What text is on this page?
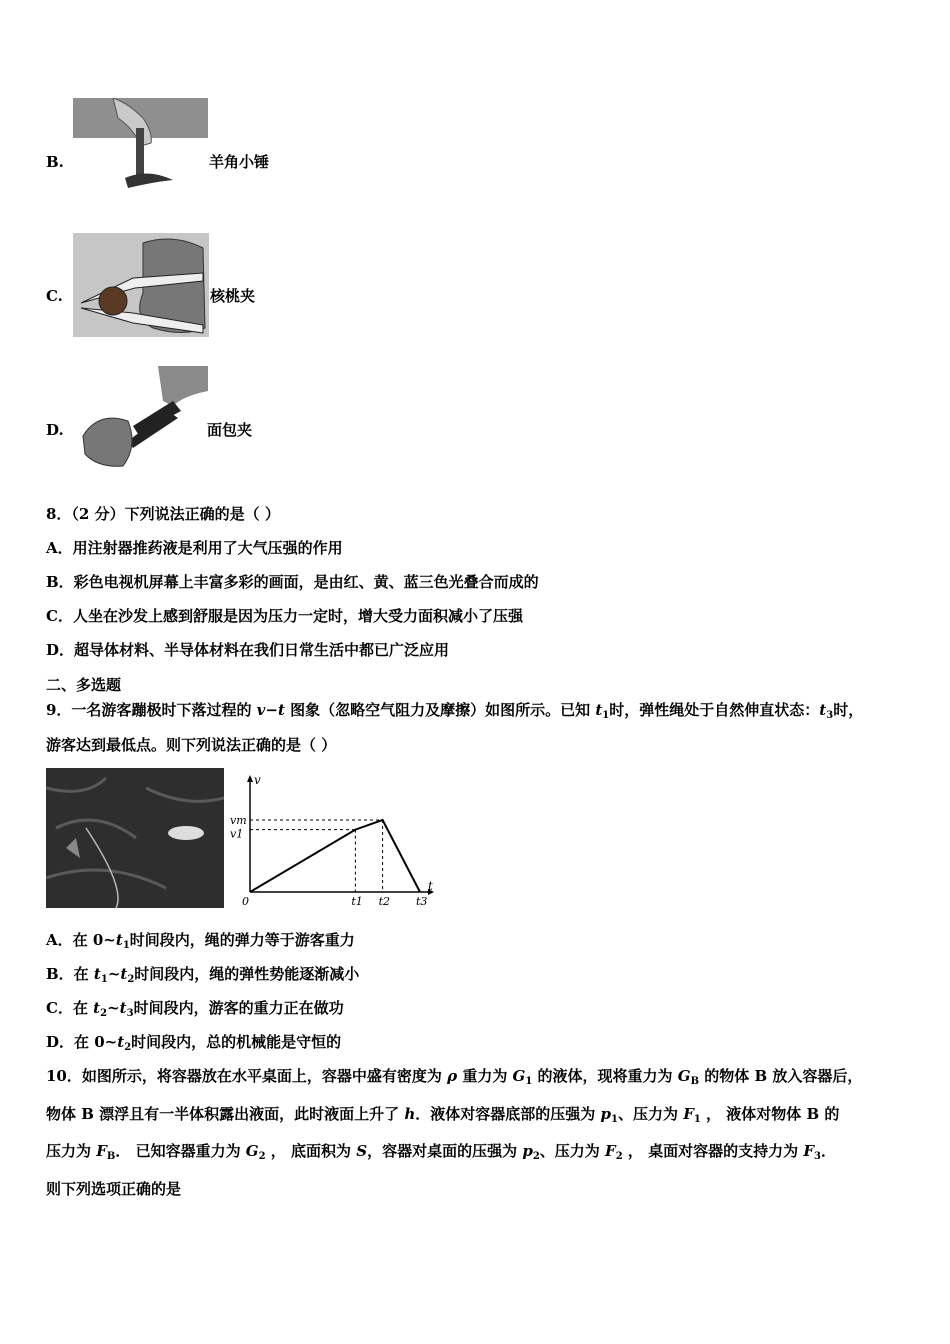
B.	羊角小锤
C.	核桃夹
D.	面包夹
8．（2 分）下列说法正确的是（ ）
A．用注射器推药液是利用了大气压强的作用
B．彩色电视机屏幕上丰富多彩的画面，是由红、黄、蓝三色光叠合而成的
C．人坐在沙发上感到舒服是因为压力一定时，增大受力面积减小了压强
D．超导体材料、半导体材料在我们日常生活中都已广泛应用
二、多选题
9．一名游客蹦极时下落过程的 v−t 图象（忽略空气阻力及摩擦）如图所示。已知 $t_1$时，弹性绳处于自然伸直状态：$t_3$时，
游客达到最低点。则下列说法正确的是（ ）
t
v
0	t1 t2 t3
vm
v1
A．在 $0\sim t_1$时间段内，绳的弹力等于游客重力
B．在 $t_1\sim t_2$时间段内，绳的弹性势能逐渐减小
C．在 $t_2\sim t_3$时间段内，游客的重力正在做功
D．在 $0\sim t_2$时间段内，总的机械能是守恒的
10．如图所示，将容器放在水平桌面上，容器中盛有密度为 ρ 重力为 $G_1$ 的液体，现将重力为 $G_B$ 的物体 B 放入容器后，
物体 B 漂浮且有一半体积露出液面，此时液面上升了 h．液体对容器底部的压强为 $p_1$、压力为 $F_1$ ， 液体对物体 B 的
压力为 $F_B$． 已知容器重力为 $G_2$ ， 底面积为 S，容器对桌面的压强为 $p_2$、压力为 $F_2$ ， 桌面对容器的支持力为 $F_3$．
则下列选项正确的是
